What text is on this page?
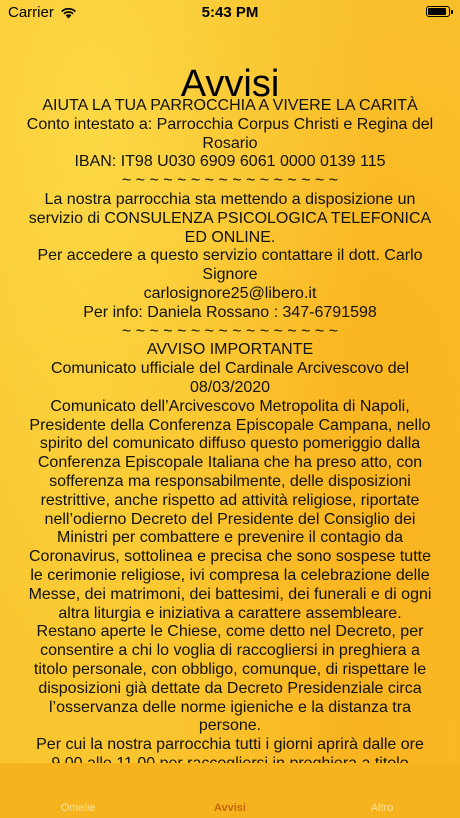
Carrier	5:43 PM
Avvisi

AIUTA LA TUA PARROCCHIA A VIVERE LA CARITÀ

Conto intestato a: Parrocchia Corpus Christi e Regina del Rosario

IBAN: IT98 U030 6909 6061 0000 0139 115

~ ~ ~ ~ ~ ~ ~ ~ ~ ~ ~ ~ ~ ~ ~ ~

La nostra parrocchia sta mettendo a disposizione un servizio di CONSULENZA PSICOLOGICA TELEFONICA ED ONLINE.

Per accedere a questo servizio contattare il dott. Carlo Signore

carlosignore25@libero.it

Per info: Daniela Rossano : 347-6791598

~ ~ ~ ~ ~ ~ ~ ~ ~ ~ ~ ~ ~ ~ ~ ~

AVVISO IMPORTANTE

Comunicato ufficiale del Cardinale Arcivescovo del 08/03/2020

Comunicato dell’Arcivescovo Metropolita di Napoli, Presidente della Conferenza Episcopale Campana, nello spirito del comunicato diffuso questo pomeriggio dalla Conferenza Episcopale Italiana che ha preso atto, con sofferenza ma responsabilmente, delle disposizioni restrittive, anche rispetto ad attività religiose, riportate nell’odierno Decreto del Presidente del Consiglio dei Ministri per combattere e prevenire il contagio da Coronavirus, sottolinea e precisa che sono sospese tutte le cerimonie religiose, ivi compresa la celebrazione delle Messe, dei matrimoni, dei battesimi, dei funerali e di ogni altra liturgia e iniziativa a carattere assembleare.

Restano aperte le Chiese, come detto nel Decreto, per consentire a chi lo voglia di raccogliersi in preghiera a titolo personale, con obbligo, comunque, di rispettare le disposizioni già dettate da Decreto Presidenziale circa l’osservanza delle norme igieniche e la distanza tra persone.

Per cui la nostra parrocchia tutti i giorni aprirà dalle ore

Omelie	Avvisi	Altro
